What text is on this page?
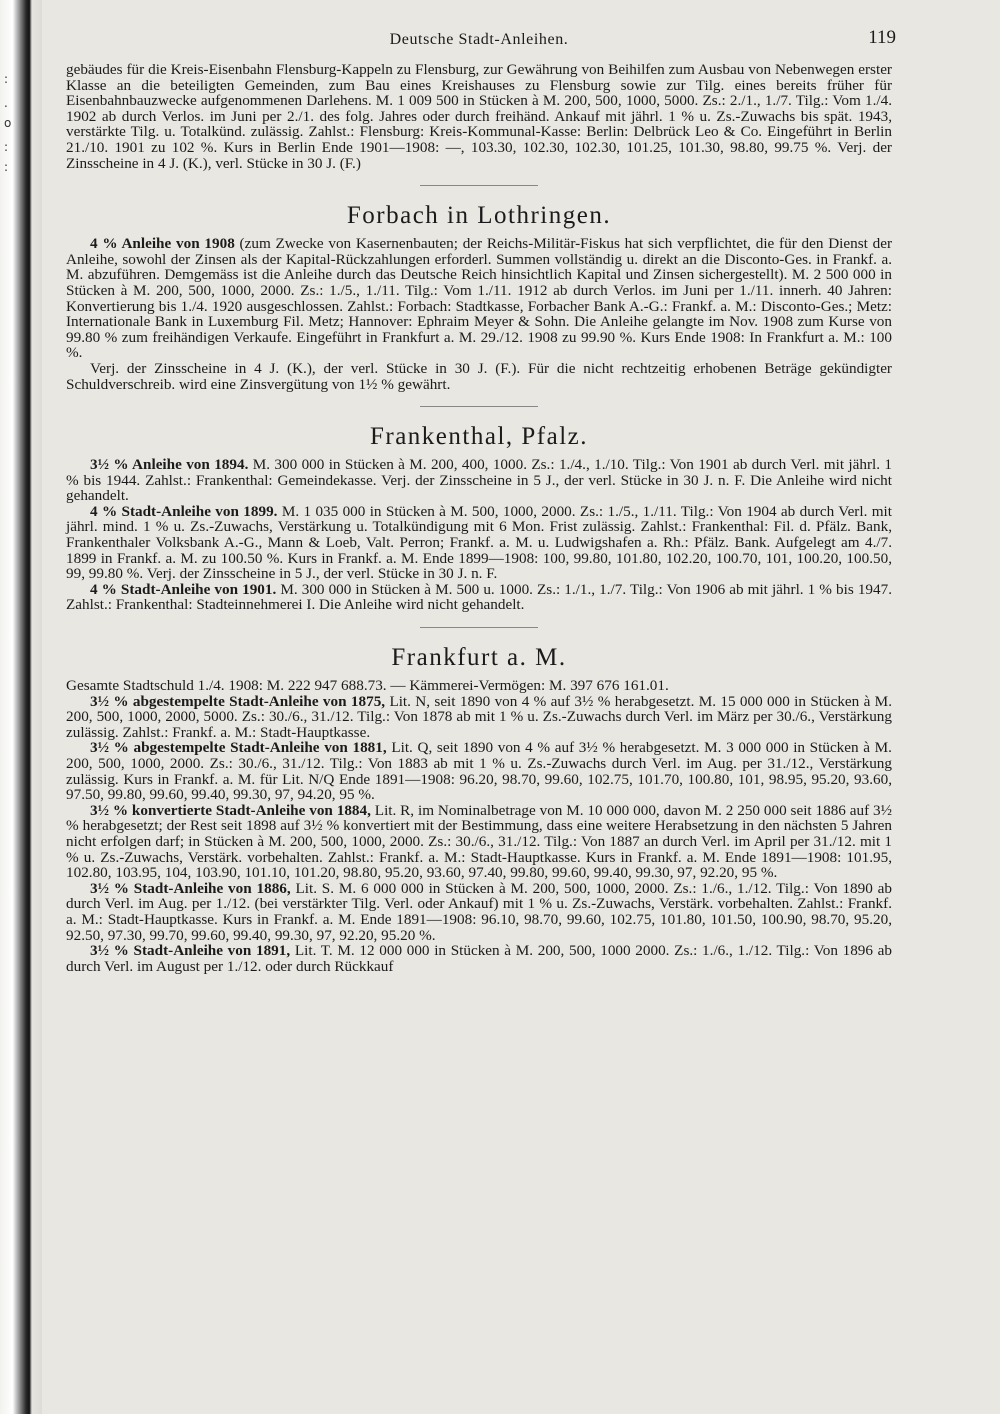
:
.
o
:
:
Deutsche Stadt-Anleihen.	119

gebäudes für die Kreis-Eisenbahn Flensburg-Kappeln zu Flensburg, zur Gewährung von Beihilfen zum Ausbau von Nebenwegen erster Klasse an die beteiligten Gemeinden, zum Bau eines Kreishauses zu Flensburg sowie zur Tilg. eines bereits früher für Eisenbahnbauzwecke aufgenommenen Darlehens. M. 1 009 500 in Stücken à M. 200, 500, 1000, 5000. Zs.: 2./1., 1./7. Tilg.: Vom 1./4. 1902 ab durch Verlos. im Juni per 2./1. des folg. Jahres oder durch freihänd. Ankauf mit jährl. 1 % u. Zs.-Zuwachs bis spät. 1943, verstärkte Tilg. u. Totalkünd. zulässig. Zahlst.: Flensburg: Kreis-Kommunal-Kasse: Berlin: Delbrück Leo & Co. Eingeführt in Berlin 21./10. 1901 zu 102 %. Kurs in Berlin Ende 1901—1908: —, 103.30, 102.30, 102.30, 101.25, 101.30, 98.80, 99.75 %. Verj. der Zinsscheine in 4 J. (K.), verl. Stücke in 30 J. (F.)

Forbach in Lothringen.

4 % Anleihe von 1908 (zum Zwecke von Kasernenbauten; der Reichs-Militär-Fiskus hat sich verpflichtet, die für den Dienst der Anleihe, sowohl der Zinsen als der Kapital-Rückzahlungen erforderl. Summen vollständig u. direkt an die Disconto-Ges. in Frankf. a. M. abzuführen. Demgemäss ist die Anleihe durch das Deutsche Reich hinsichtlich Kapital und Zinsen sichergestellt). M. 2 500 000 in Stücken à M. 200, 500, 1000, 2000. Zs.: 1./5., 1./11. Tilg.: Vom 1./11. 1912 ab durch Verlos. im Juni per 1./11. innerh. 40 Jahren: Konvertierung bis 1./4. 1920 ausgeschlossen. Zahlst.: Forbach: Stadtkasse, Forbacher Bank A.-G.: Frankf. a. M.: Disconto-Ges.; Metz: Internationale Bank in Luxemburg Fil. Metz; Hannover: Ephraim Meyer & Sohn. Die Anleihe gelangte im Nov. 1908 zum Kurse von 99.80 % zum freihändigen Verkaufe. Eingeführt in Frankfurt a. M. 29./12. 1908 zu 99.90 %. Kurs Ende 1908: In Frankfurt a. M.: 100 %.

Verj. der Zinsscheine in 4 J. (K.), der verl. Stücke in 30 J. (F.). Für die nicht rechtzeitig erhobenen Beträge gekündigter Schuldverschreib. wird eine Zinsvergütung von 1½ % gewährt.

Frankenthal, Pfalz.

3½ % Anleihe von 1894. M. 300 000 in Stücken à M. 200, 400, 1000. Zs.: 1./4., 1./10. Tilg.: Von 1901 ab durch Verl. mit jährl. 1 % bis 1944. Zahlst.: Frankenthal: Gemeindekasse. Verj. der Zinsscheine in 5 J., der verl. Stücke in 30 J. n. F. Die Anleihe wird nicht gehandelt.

4 % Stadt-Anleihe von 1899. M. 1 035 000 in Stücken à M. 500, 1000, 2000. Zs.: 1./5., 1./11. Tilg.: Von 1904 ab durch Verl. mit jährl. mind. 1 % u. Zs.-Zuwachs, Verstärkung u. Totalkündigung mit 6 Mon. Frist zulässig. Zahlst.: Frankenthal: Fil. d. Pfälz. Bank, Frankenthaler Volksbank A.-G., Mann & Loeb, Valt. Perron; Frankf. a. M. u. Ludwigshafen a. Rh.: Pfälz. Bank. Aufgelegt am 4./7. 1899 in Frankf. a. M. zu 100.50 %. Kurs in Frankf. a. M. Ende 1899—1908: 100, 99.80, 101.80, 102.20, 100.70, 101, 100.20, 100.50, 99, 99.80 %. Verj. der Zinsscheine in 5 J., der verl. Stücke in 30 J. n. F.

4 % Stadt-Anleihe von 1901. M. 300 000 in Stücken à M. 500 u. 1000. Zs.: 1./1., 1./7. Tilg.: Von 1906 ab mit jährl. 1 % bis 1947. Zahlst.: Frankenthal: Stadteinnehmerei I. Die Anleihe wird nicht gehandelt.

Frankfurt a. M.

Gesamte Stadtschuld 1./4. 1908: M. 222 947 688.73. — Kämmerei-Vermögen: M. 397 676 161.01.

3½ % abgestempelte Stadt-Anleihe von 1875, Lit. N, seit 1890 von 4 % auf 3½ % herabgesetzt. M. 15 000 000 in Stücken à M. 200, 500, 1000, 2000, 5000. Zs.: 30./6., 31./12. Tilg.: Von 1878 ab mit 1 % u. Zs.-Zuwachs durch Verl. im März per 30./6., Verstärkung zulässig. Zahlst.: Frankf. a. M.: Stadt-Hauptkasse.

3½ % abgestempelte Stadt-Anleihe von 1881, Lit. Q, seit 1890 von 4 % auf 3½ % herabgesetzt. M. 3 000 000 in Stücken à M. 200, 500, 1000, 2000. Zs.: 30./6., 31./12. Tilg.: Von 1883 ab mit 1 % u. Zs.-Zuwachs durch Verl. im Aug. per 31./12., Verstärkung zulässig. Kurs in Frankf. a. M. für Lit. N/Q Ende 1891—1908: 96.20, 98.70, 99.60, 102.75, 101.70, 100.80, 101, 98.95, 95.20, 93.60, 97.50, 99.80, 99.60, 99.40, 99.30, 97, 94.20, 95 %.

3½ % konvertierte Stadt-Anleihe von 1884, Lit. R, im Nominalbetrage von M. 10 000 000, davon M. 2 250 000 seit 1886 auf 3½ % herabgesetzt; der Rest seit 1898 auf 3½ % konvertiert mit der Bestimmung, dass eine weitere Herabsetzung in den nächsten 5 Jahren nicht erfolgen darf; in Stücken à M. 200, 500, 1000, 2000. Zs.: 30./6., 31./12. Tilg.: Von 1887 an durch Verl. im April per 31./12. mit 1 % u. Zs.-Zuwachs, Verstärk. vorbehalten. Zahlst.: Frankf. a. M.: Stadt-Hauptkasse. Kurs in Frankf. a. M. Ende 1891—1908: 101.95, 102.80, 103.95, 104, 103.90, 101.10, 101.20, 98.80, 95.20, 93.60, 97.40, 99.80, 99.60, 99.40, 99.30, 97, 92.20, 95 %.

3½ % Stadt-Anleihe von 1886, Lit. S. M. 6 000 000 in Stücken à M. 200, 500, 1000, 2000. Zs.: 1./6., 1./12. Tilg.: Von 1890 ab durch Verl. im Aug. per 1./12. (bei verstärkter Tilg. Verl. oder Ankauf) mit 1 % u. Zs.-Zuwachs, Verstärk. vorbehalten. Zahlst.: Frankf. a. M.: Stadt-Hauptkasse. Kurs in Frankf. a. M. Ende 1891—1908: 96.10, 98.70, 99.60, 102.75, 101.80, 101.50, 100.90, 98.70, 95.20, 92.50, 97.30, 99.70, 99.60, 99.40, 99.30, 97, 92.20, 95.20 %.

3½ % Stadt-Anleihe von 1891, Lit. T. M. 12 000 000 in Stücken à M. 200, 500, 1000 2000. Zs.: 1./6., 1./12. Tilg.: Von 1896 ab durch Verl. im August per 1./12. oder durch Rückkauf
